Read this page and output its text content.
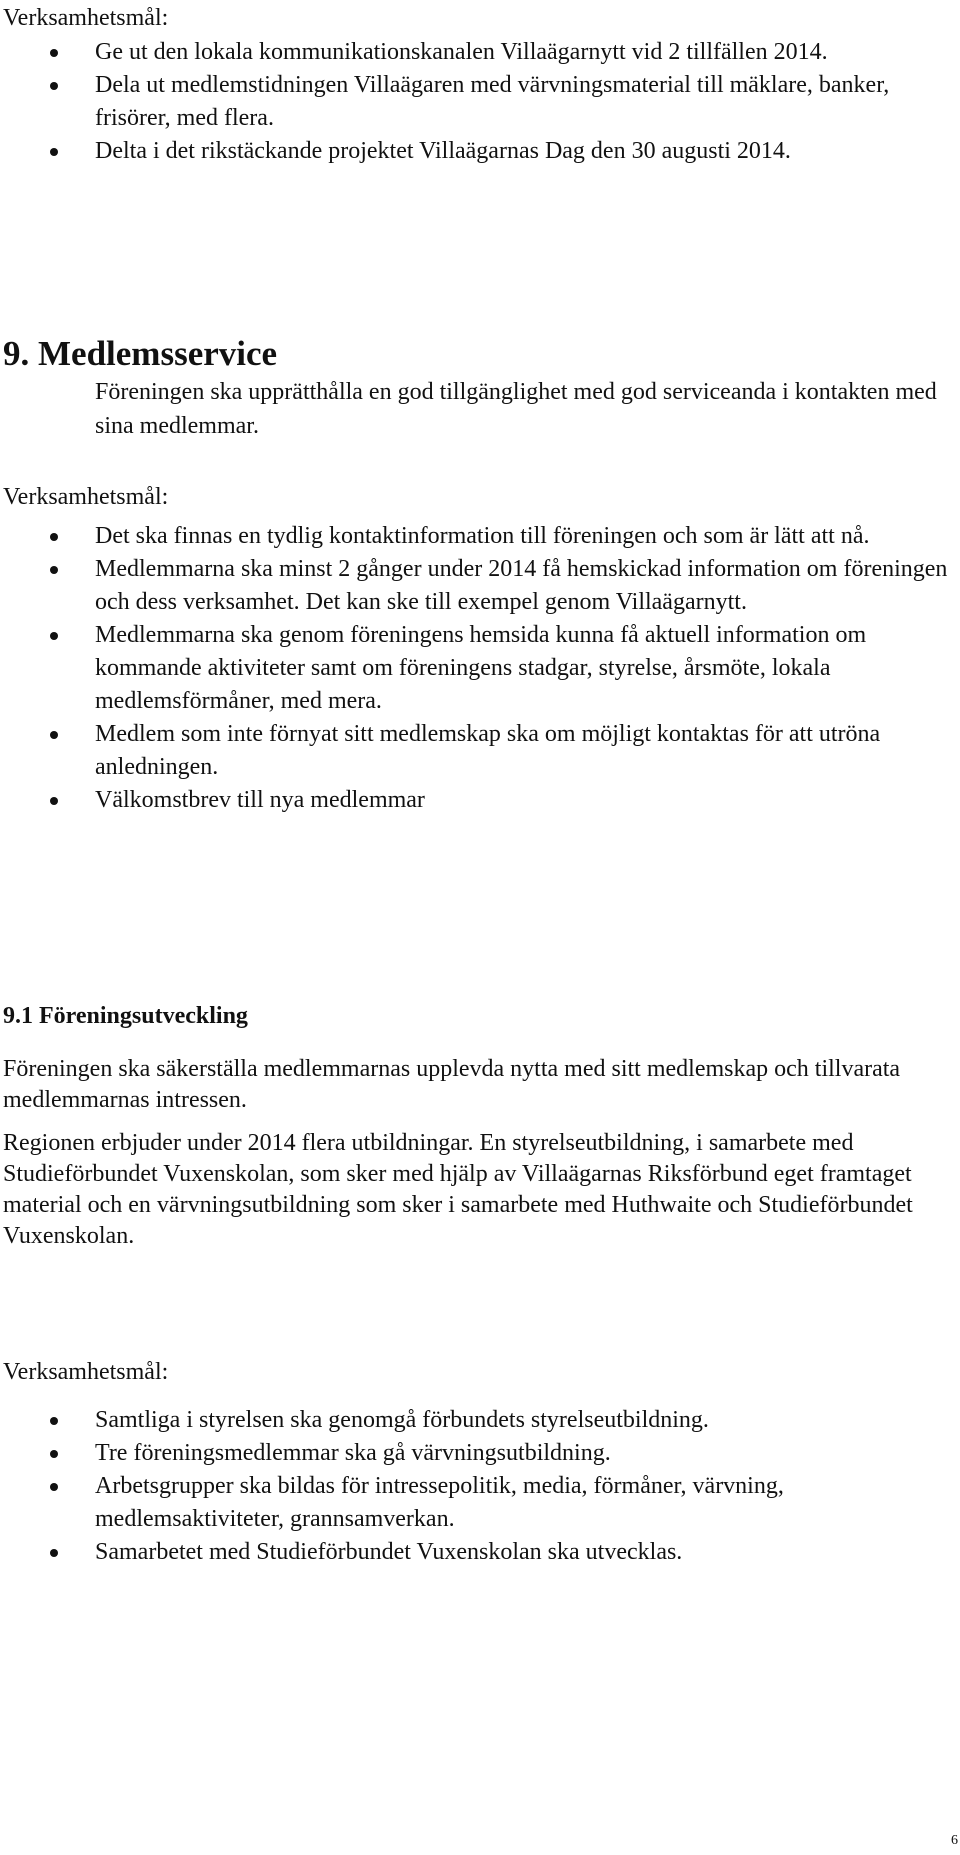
Verksamhetsmål:
Ge ut den lokala kommunikationskanalen Villaägarnytt vid 2 tillfällen 2014.
Dela ut medlemstidningen Villaägaren med värvningsmaterial till mäklare, banker, frisörer, med flera.
Delta i det rikstäckande projektet Villaägarnas Dag den 30 augusti 2014.
9. Medlemsservice

Föreningen ska upprätthålla en god tillgänglighet med god serviceanda i kontakten med sina medlemmar.

Verksamhetsmål:
Det ska finnas en tydlig kontaktinformation till föreningen och som är lätt att nå.
Medlemmarna ska minst 2 gånger under 2014 få hemskickad information om föreningen och dess verksamhet. Det kan ske till exempel genom Villaägarnytt.
Medlemmarna ska genom föreningens hemsida kunna få aktuell information om kommande aktiviteter samt om föreningens stadgar, styrelse, årsmöte, lokala medlemsförmåner, med mera.
Medlem som inte förnyat sitt medlemskap ska om möjligt kontaktas för att utröna anledningen.
Välkomstbrev till nya medlemmar
9.1 Föreningsutveckling

Föreningen ska säkerställa medlemmarnas upplevda nytta med sitt medlemskap och tillvarata medlemmarnas intressen.

Regionen erbjuder under 2014 flera utbildningar. En styrelseutbildning, i samarbete med Studieförbundet Vuxenskolan, som sker med hjälp av Villaägarnas Riksförbund eget framtaget material och en värvningsutbildning som sker i samarbete med Huthwaite och Studieförbundet Vuxenskolan.

Verksamhetsmål:
Samtliga i styrelsen ska genomgå förbundets styrelseutbildning.
Tre föreningsmedlemmar ska gå värvningsutbildning.
Arbetsgrupper ska bildas för intressepolitik, media, förmåner, värvning, medlemsaktiviteter, grannsamverkan.
Samarbetet med Studieförbundet Vuxenskolan ska utvecklas.
6
